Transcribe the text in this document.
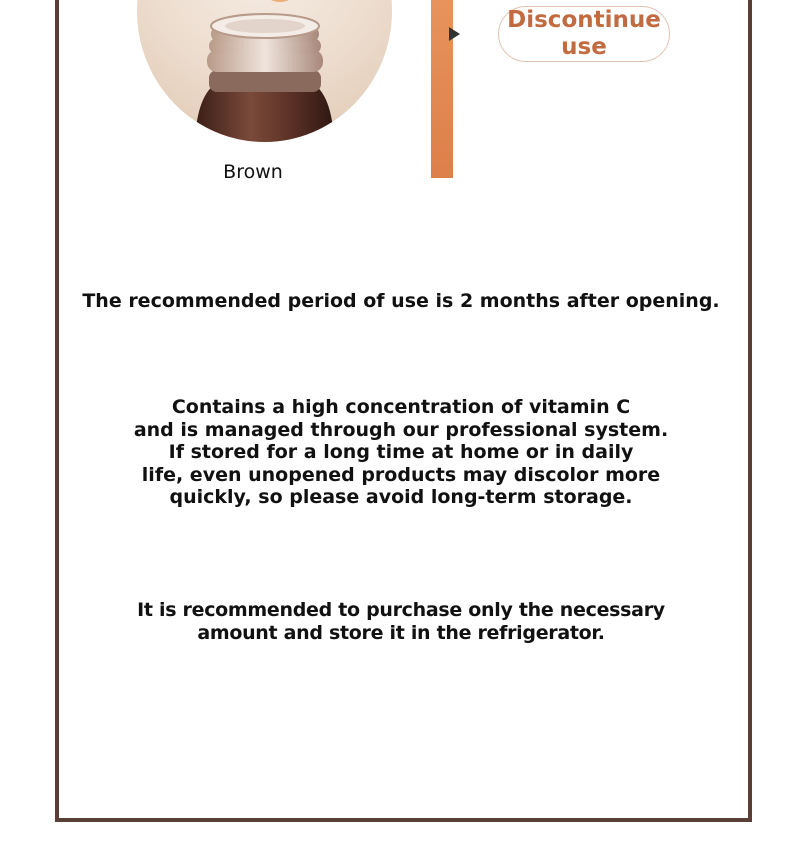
Brown
Discontinue
use
The recommended period of use is 2 months after opening.
Contains a high concentration of vitamin C
and is managed through our professional system.
If stored for a long time at home or in daily
life, even unopened products may discolor more
quickly, so please avoid long-term storage.
It is recommended to purchase only the necessary
amount and store it in the refrigerator.
